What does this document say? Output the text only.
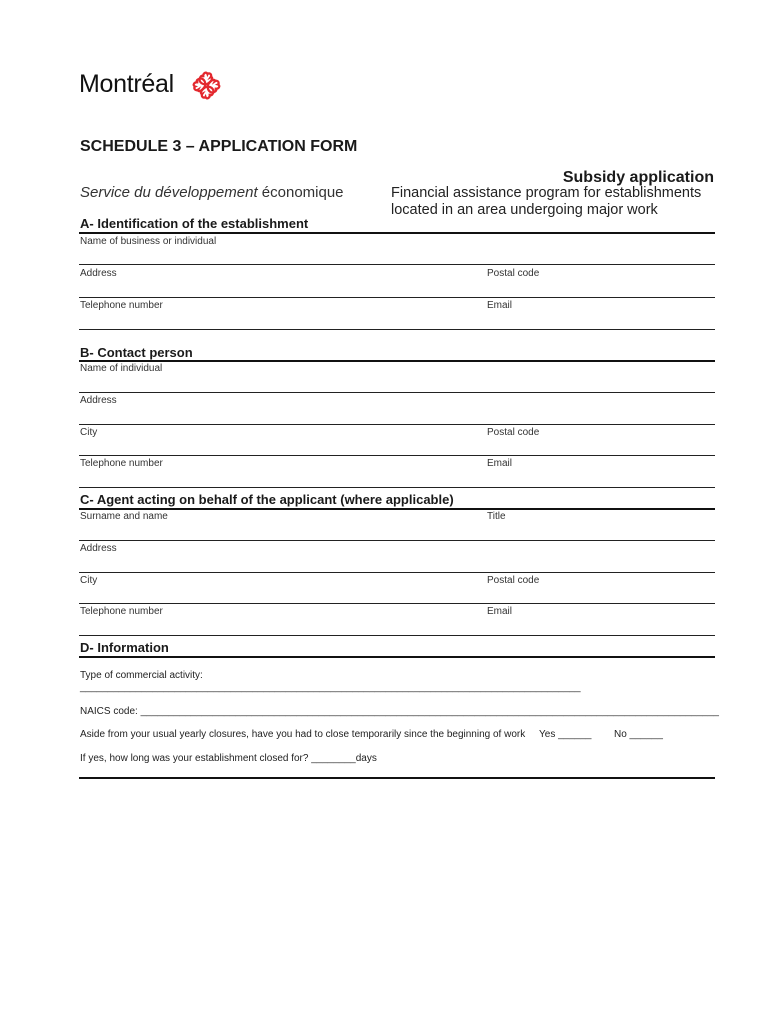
Montréal
SCHEDULE 3 – APPLICATION FORM
Subsidy application
Service du développement économique	Financial assistance program for establishments
located in an area undergoing major work
A- Identification of the establishment
Name of business or individual
Address	Postal code
Telephone number	Email
B- Contact person
Name of individual
Address
City	Postal code
Telephone number	Email
C- Agent acting on behalf of the applicant (where applicable)
Surname and name	Title
Address
City	Postal code
Telephone number	Email
D- Information
Type of commercial activity:
__________________________________________________________________________________________
NAICS code: ________________________________________________________________________________________________________
Aside from your usual yearly closures, have you had to close temporarily since the beginning of work Yes ______ No ______
If yes, how long was your establishment closed for? ________days
